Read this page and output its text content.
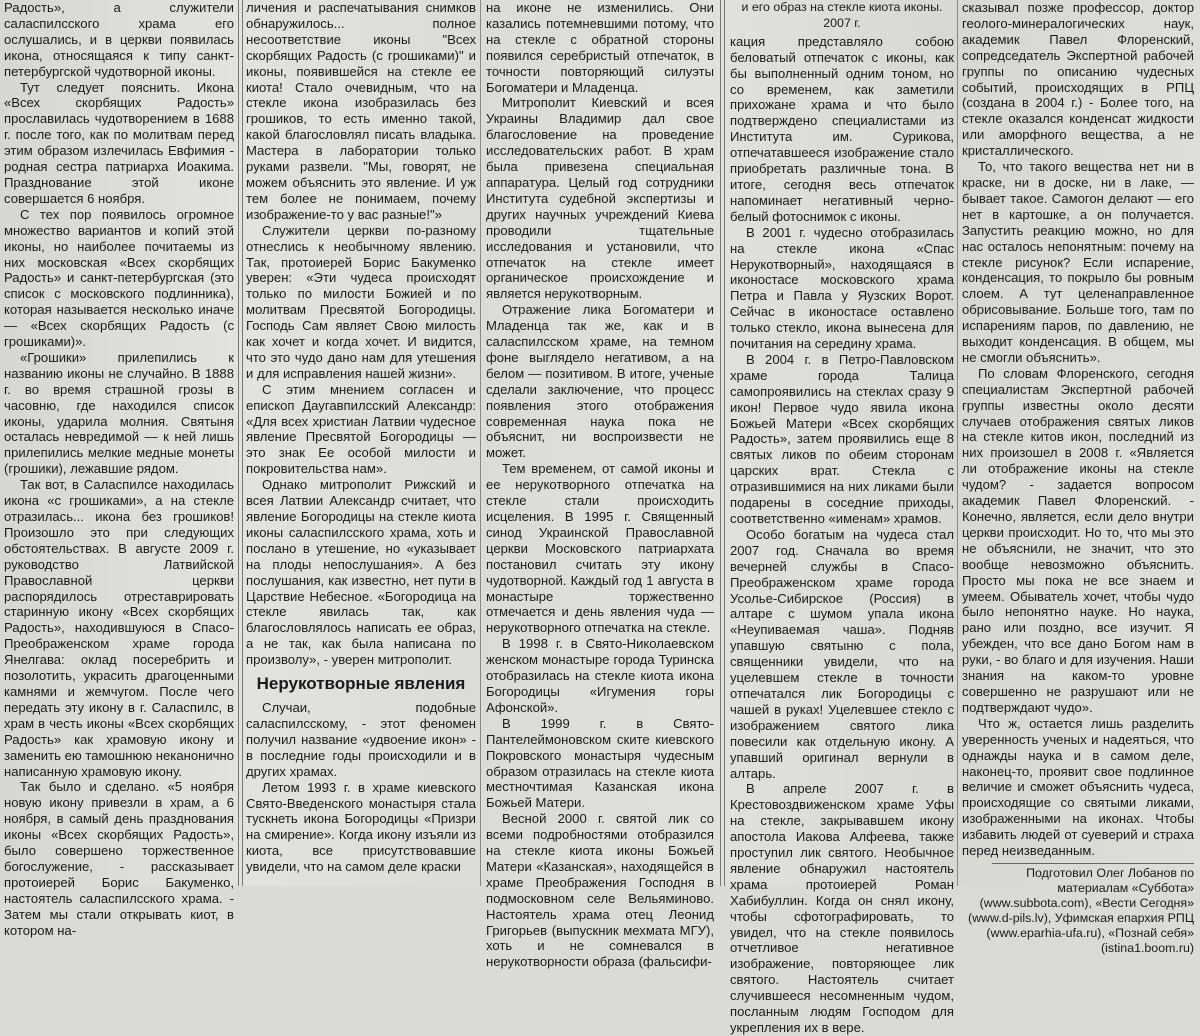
Радость», а служители саласпилсского храма его ослушались, и в церкви появилась икона, относящаяся к типу санкт-петербургской чудотворной иконы.

Тут следует пояснить. Икона «Всех скорбящих Радость» прославилась чудотворением в 1688 г. после того, как по молитвам перед этим образом излечилась Евфимия - родная сестра патриарха Иоакима. Празднование этой иконе совершается 6 ноября.

С тех пор появилось огромное множество вариантов и копий этой иконы, но наиболее почитаемы из них московская «Всех скорбящих Радость» и санкт-петербургская (это список с московского подлинника), которая называется несколько иначе — «Всех скорбящих Радость (с грошиками)».

«Грошики» прилепились к названию иконы не случайно. В 1888 г. во время страшной грозы в часовню, где находился список иконы, ударила молния. Святыня осталась невредимой — к ней лишь прилепились мелкие медные монеты (грошики), лежавшие рядом.

Так вот, в Саласпилсе находилась икона «с грошиками», а на стекле отразилась... икона без грошиков! Произошло это при следующих обстоятельствах. В августе 2009 г. руководство Латвийской Православной церкви распорядилось отреставрировать старинную икону «Всех скорбящих Радость», находившуюся в Спасо-Преображенском храме города Янелгава: оклад посеребрить и позолотить, украсить драгоценными камнями и жемчугом. После чего передать эту икону в г. Саласпилс, в храм в честь иконы «Всех скорбящих Радость» как храмовую икону и заменить ею тамошнюю неканонично написанную храмовую икону.

Так было и сделано. «5 ноября новую икону привезли в храм, а 6 ноября, в самый день празднования иконы «Всех скорбящих Радость», было совершено торжественное богослужение, - рассказывает протоиерей Борис Бакуменко, настоятель саласпилсского храма. - Затем мы стали открывать киот, в котором на-

личения и распечатывания снимков обнаружилось... полное несоответствие иконы "Всех скорбящих Радость (с грошиками)" и иконы, появившейся на стекле ее киота! Стало очевидным, что на стекле икона изобразилась без грошиков, то есть именно такой, какой благословлял писать владыка. Мастера в лаборатории только руками развели. "Мы, говорят, не можем объяснить это явление. И уж тем более не понимаем, почему изображение-то у вас разные!"»

Служители церкви по-разному отнеслись к необычному явлению. Так, протоиерей Борис Бакуменко уверен: «Эти чудеса происходят только по милости Божией и по молитвам Пресвятой Богородицы. Господь Сам являет Свою милость как хочет и когда хочет. И видится, что это чудо дано нам для утешения и для исправления нашей жизни».

С этим мнением согласен и епископ Даугавпилсский Александр: «Для всех христиан Латвии чудесное явление Пресвятой Богородицы — это знак Ее особой милости и покровительства нам».

Однако митрополит Рижский и всея Латвии Александр считает, что явление Богородицы на стекле киота иконы саласпилсского храма, хоть и послано в утешение, но «указывает на плоды непослушания». А без послушания, как известно, нет пути в Царствие Небесное. «Богородица на стекле явилась так, как благословлялось написать ее образ, а не так, как была написана по произволу», - уверен митрополит.

Нерукотворные явления

Случаи, подобные саласпилсскому, - этот феномен получил название «удвоение икон» - в последние годы происходили и в других храмах.

Летом 1993 г. в храме киевского Свято-Введенского монастыря стала тускнеть икона Богородицы «Призри на смирение». Когда икону изъяли из киота, все присутствовавшие увидели, что на самом деле краски

на иконе не изменились. Они казались потемневшими потому, что на стекле с обратной стороны появился серебристый отпечаток, в точности повторяющий силуэты Богоматери и Младенца.

Митрополит Киевский и всея Украины Владимир дал свое благословение на проведение исследовательских работ. В храм была привезена специальная аппаратура. Целый год сотрудники Института судебной экспертизы и других научных учреждений Киева проводили тщательные исследования и установили, что отпечаток на стекле имеет органическое происхождение и является нерукотворным.

Отражение лика Богоматери и Младенца так же, как и в саласпилсском храме, на темном фоне выглядело негативом, а на белом — позитивом. В итоге, ученые сделали заключение, что процесс появления этого отображения современная наука пока не объяснит, ни воспроизвести не может.

Тем временем, от самой иконы и ее нерукотворного отпечатка на стекле стали происходить исцеления. В 1995 г. Священный синод Украинской Православной церкви Московского патриархата постановил считать эту икону чудотворной. Каждый год 1 августа в монастыре торжественно отмечается и день явления чуда — нерукотворного отпечатка на стекле.

В 1998 г. в Свято-Николаевском женском монастыре города Туринска отобразилась на стекле киота икона Богородицы «Игумения горы Афонской».

В 1999 г. в Свято-Пантелеймоновском ските киевского Покровского монастыря чудесным образом отразилась на стекле киота местночтимая Казанская икона Божьей Матери.

Весной 2000 г. святой лик со всеми подробностями отобразился на стекле киота иконы Божьей Матери «Казанская», находящейся в храме Преображения Господня в подмосковном селе Вельяминово. Настоятель храма отец Леонид Григорьев (выпускник мехмата МГУ), хоть и не сомневался в нерукотворности образа (фальсифи-

и его образ на стекле киота иконы. 2007 г.

кация представляло собою беловатый отпечаток с иконы, как бы выполненный одним тоном, но со временем, как заметили прихожане храма и что было подтверждено специалистами из Института им. Сурикова, отпечатавшееся изображение стало приобретать различные тона. В итоге, сегодня весь отпечаток напоминает негативный черно-белый фотоснимок с иконы.

В 2001 г. чудесно отобразилась на стекле икона «Спас Нерукотворный», находящаяся в иконостасе московского храма Петра и Павла у Яузских Ворот. Сейчас в иконостасе оставлено только стекло, икона вынесена для почитания на середину храма.

В 2004 г. в Петро-Павловском храме города Талица самопроявились на стеклах сразу 9 икон! Первое чудо явила икона Божьей Матери «Всех скорбящих Радость», затем проявились еще 8 святых ликов по обеим сторонам царских врат. Стекла с отразившимися на них ликами были подарены в соседние приходы, соответственно «именам» храмов.

Особо богатым на чудеса стал 2007 год. Сначала во время вечерней службы в Спасо-Преображенском храме города Усолье-Сибирское (Россия) в алтаре с шумом упала икона «Неупиваемая чаша». Подняв упавшую святыню с пола, священники увидели, что на уцелевшем стекле в точности отпечатался лик Богородицы с чашей в руках! Уцелевшее стекло с изображением святого лика повесили как отдельную икону. А упавший оригинал вернули в алтарь.

В апреле 2007 г. в Крестовоздвиженском храме Уфы на стекле, закрывавшем икону апостола Иакова Алфеева, также проступил лик святого. Необычное явление обнаружил настоятель храма протоиерей Роман Хабибуллин. Когда он снял икону, чтобы сфотографировать, то увидел, что на стекле появилось отчетливое негативное изображение, повторяющее лик святого. Настоятель считает случившееся несомненным чудом, посланным людям Господом для укрепления их в вере.

сказывал позже профессор, доктор геолого-минералогических наук, академик Павел Флоренский, сопредседатель Экспертной рабочей группы по описанию чудесных событий, происходящих в РПЦ (создана в 2004 г.) - Более того, на стекле оказался конденсат жидкости или аморфного вещества, а не кристаллического.

То, что такого вещества нет ни в краске, ни в доске, ни в лаке, — бывает такое. Самогон делают — его нет в картошке, а он получается. Запустить реакцию можно, но для нас осталось непонятным: почему на стекле рисунок? Если испарение, конденсация, то покрыло бы ровным слоем. А тут целенаправленное обрисовывание. Больше того, там по испарениям паров, по давлению, не выходит конденсация. В общем, мы не смогли объяснить».

По словам Флоренского, сегодня специалистам Экспертной рабочей группы известны около десяти случаев отображения святых ликов на стекле китов икон, последний из них произошел в 2008 г. «Является ли отображение иконы на стекле чудом? - задается вопросом академик Павел Флоренский. - Конечно, является, если дело внутри церкви происходит. Но то, что мы это не объяснили, не значит, что это вообще невозможно объяснить. Просто мы пока не все знаем и умеем. Обыватель хочет, чтобы чудо было непонятно науке. Но наука, рано или поздно, все изучит. Я убежден, что все дано Богом нам в руки, - во благо и для изучения. Наши знания на каком-то уровне совершенно не разрушают или не подтверждают чудо».

Что ж, остается лишь разделить уверенность ученых и надеяться, что однажды наука и в самом деле, наконец-то, проявит свое подлинное величие и сможет объяснить чудеса, происходящие со святыми ликами, изображенными на иконах. Чтобы избавить людей от суеверий и страха перед неизведанным.

Подготовил Олег Лобанов по материалам «Суббота» (www.subbota.com), «Вести Сегодня» (www.d-pils.lv), Уфимская епархия РПЦ (www.eparhia-ufa.ru), «Познай себя» (istina1.boom.ru)
